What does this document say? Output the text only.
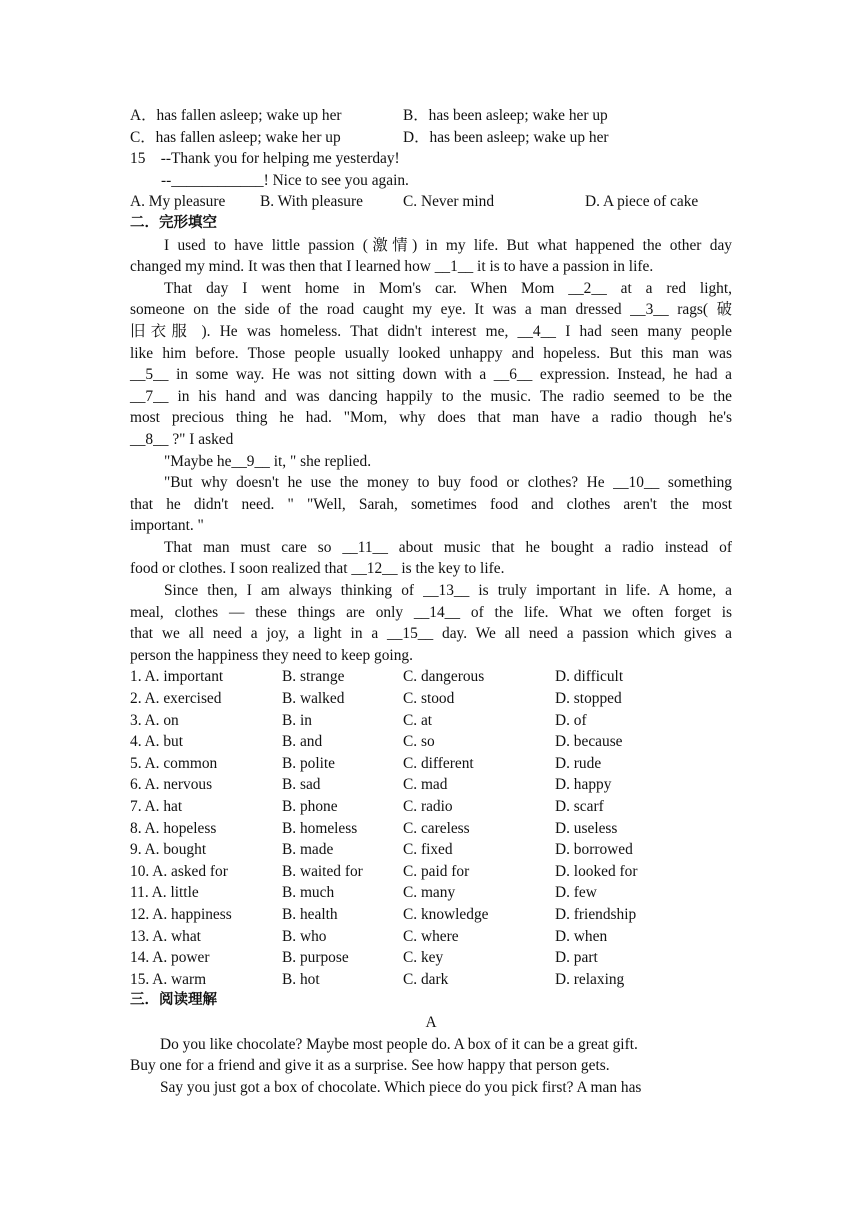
A．has fallen asleep; wake up her	B．has been asleep; wake her up
C．has fallen asleep; wake her up	D．has been asleep; wake up her
15　--Thank you for helping me yesterday!
--____________! Nice to see you again.
A. My pleasure B. With pleasure	C. Never mind	D. A piece of cake
二．完形填空
I used to have little passion (激情) in my life. But what happened the other day
changed my mind. It was then that I learned how __1__ it is to have a passion in life.
That day I went home in Mom's car. When Mom __2__ at a red light,
someone on the side of the road caught my eye. It was a man dressed __3__ rags( 破
旧衣服 ). He was homeless. That didn't interest me, __4__ I had seen many people
like him before. Those people usually looked unhappy and hopeless. But this man was
__5__ in some way. He was not sitting down with a __6__ expression. Instead, he had a
__7__ in his hand and was dancing happily to the music. The radio seemed to be the
most precious thing he had. "Mom, why does that man have a radio though he's
__8__ ?" I asked
"Maybe he__9__ it, " she replied.
"But why doesn't he use the money to buy food or clothes? He __10__ something
that he didn't need. " "Well, Sarah, sometimes food and clothes aren't the most
important. "
That man must care so __11__ about music that he bought a radio instead of
food or clothes. I soon realized that __12__ is the key to life.
Since then, I am always thinking of __13__ is truly important in life. A home, a
meal, clothes — these things are only __14__ of the life. What we often forget is
that we all need a joy, a light in a __15__ day. We all need a passion which gives a
person the happiness they need to keep going.
1. A. important	B. strange	C. dangerous	D. difficult
2. A. exercised	B. walked	C. stood	D. stopped
3. A. on	B. in	C. at	D. of
4. A. but	B. and	C. so	D. because
5. A. common	B. polite	C. different	D. rude
6. A. nervous	B. sad	C. mad	D. happy
7. A. hat	B. phone	C. radio	D. scarf
8. A. hopeless	B. homeless	C. careless	D. useless
9. A. bought	B. made	C. fixed	D. borrowed
10. A. asked for	B. waited for	C. paid for	D. looked for
11. A. little	B. much	C. many	D. few
12. A. happiness	B. health	C. knowledge	D. friendship
13. A. what	B. who	C. where	D. when
14. A. power	B. purpose	C. key	D. part
15. A. warm	B. hot	C. dark	D. relaxing
三．阅读理解
A
Do you like chocolate? Maybe most people do. A box of it can be a great gift.
Buy one for a friend and give it as a surprise. See how happy that person gets.
Say you just got a box of chocolate. Which piece do you pick first? A man has
